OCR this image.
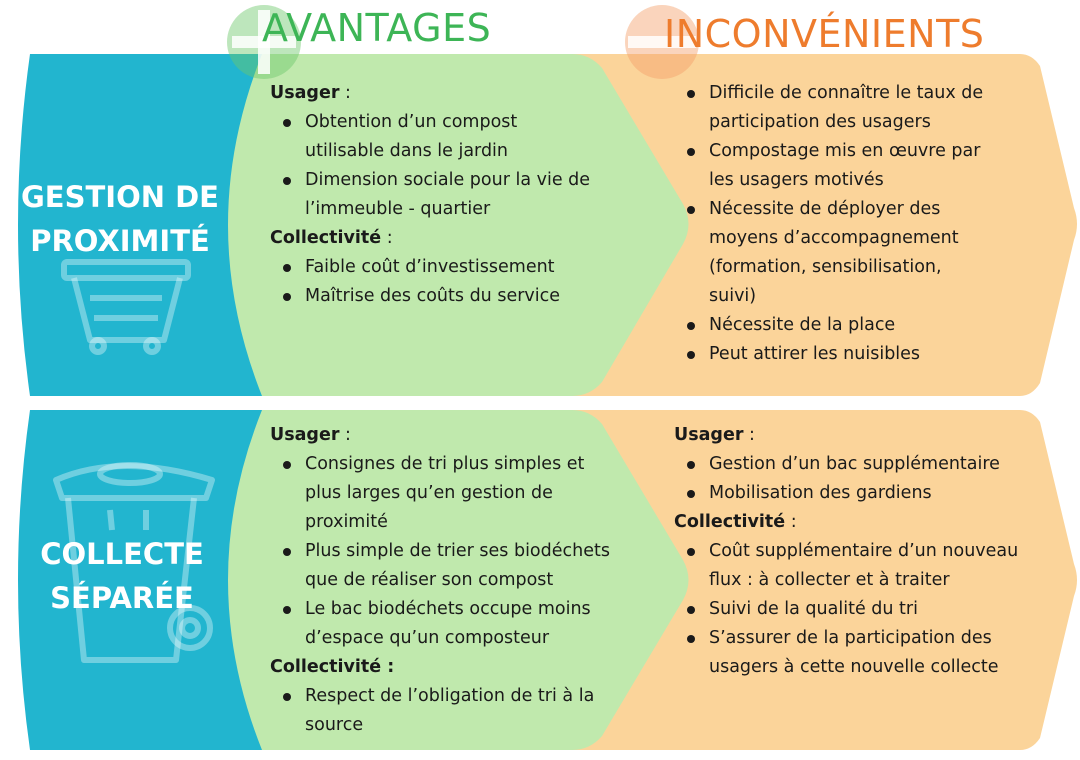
AVANTAGES	INCONVÉNIENTS
GESTION DE
PROXIMITÉ
Usager :
Obtention d’un compost utilisable dans le jardin
Dimension sociale pour la vie de l’immeuble - quartier
Collectivité :
Faible coût d’investissement
Maîtrise des coûts du service
Difficile de connaître le taux de participation des usagers
Compostage mis en œuvre par les usagers motivés
Nécessite de déployer des moyens d’accompagnement (formation, sensibilisation, suivi)
Nécessite de la place
Peut attirer les nuisibles
COLLECTE
SÉPARÉE
Usager :
Consignes de tri plus simples et plus larges qu’en gestion de proximité
Plus simple de trier ses biodéchets que de réaliser son compost
Le bac biodéchets occupe moins d’espace qu’un composteur
Collectivité :
Respect de l’obligation de tri à la source
Usager :
Gestion d’un bac supplémentaire
Mobilisation des gardiens
Collectivité :
Coût supplémentaire d’un nouveau flux : à collecter et à traiter
Suivi de la qualité du tri
S’assurer de la participation des usagers à cette nouvelle collecte
